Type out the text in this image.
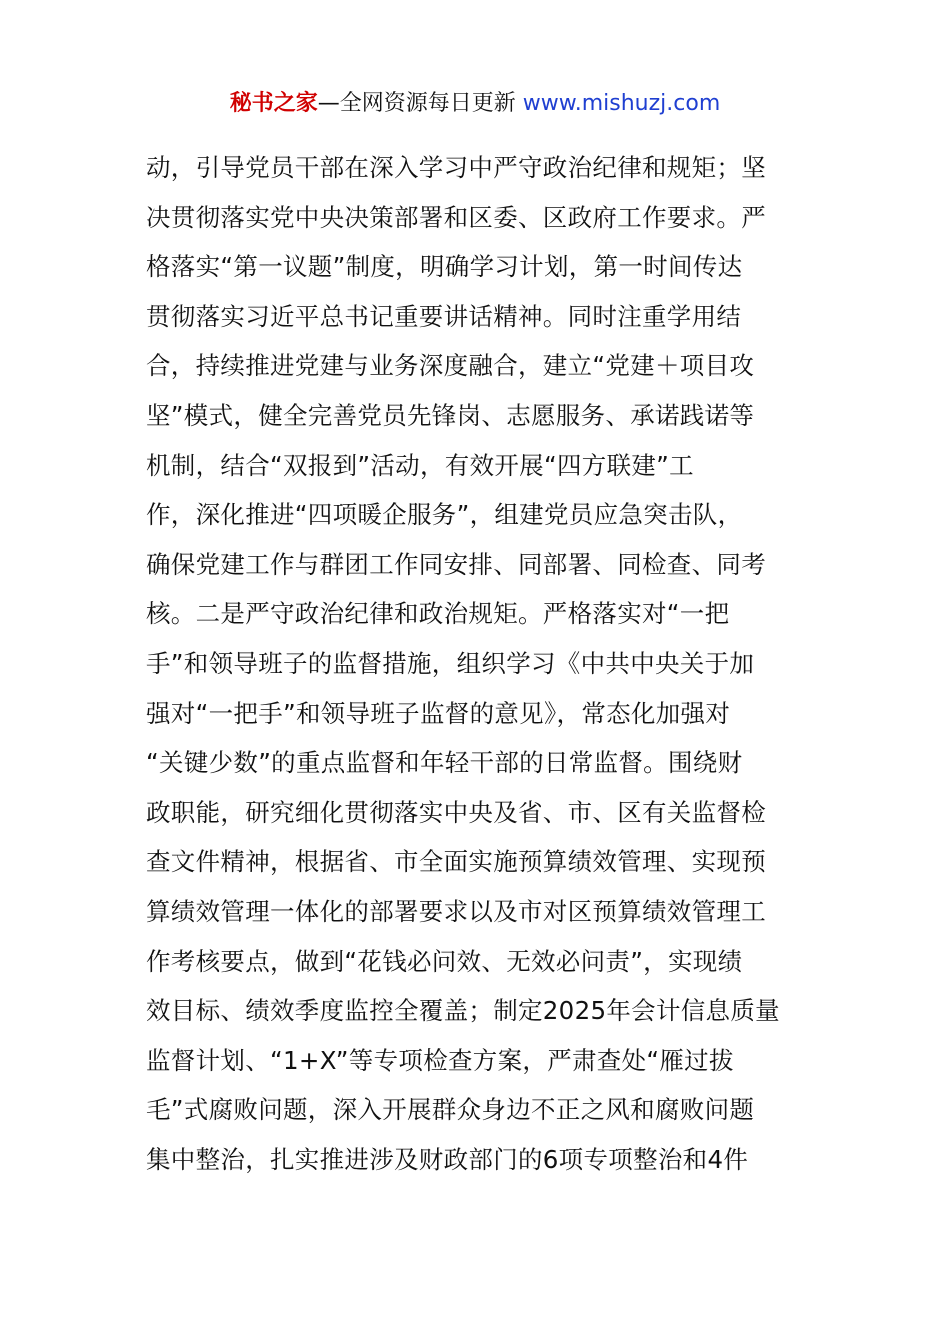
秘书之家—全网资源每日更新 www.mishuzj.com
动，引导党员干部在深入学习中严守政治纪律和规矩；坚
决贯彻落实党中央决策部署和区委、区政府工作要求。严
格落实“第一议题”制度，明确学习计划，第一时间传达
贯彻落实习近平总书记重要讲话精神。同时注重学用结
合，持续推进党建与业务深度融合，建立“党建＋项目攻
坚”模式，健全完善党员先锋岗、志愿服务、承诺践诺等
机制，结合“双报到”活动，有效开展“四方联建”工
作，深化推进“四项暖企服务”，组建党员应急突击队，
确保党建工作与群团工作同安排、同部署、同检查、同考
核。二是严守政治纪律和政治规矩。严格落实对“一把
手”和领导班子的监督措施，组织学习《中共中央关于加
强对“一把手”和领导班子监督的意见》，常态化加强对
“关键少数”的重点监督和年轻干部的日常监督。围绕财
政职能，研究细化贯彻落实中央及省、市、区有关监督检
查文件精神，根据省、市全面实施预算绩效管理、实现预
算绩效管理一体化的部署要求以及市对区预算绩效管理工
作考核要点，做到“花钱必问效、无效必问责”，实现绩
效目标、绩效季度监控全覆盖；制定2025年会计信息质量
监督计划、“1+X”等专项检查方案，严肃查处“雁过拔
毛”式腐败问题，深入开展群众身边不正之风和腐败问题
集中整治，扎实推进涉及财政部门的6项专项整治和4件
